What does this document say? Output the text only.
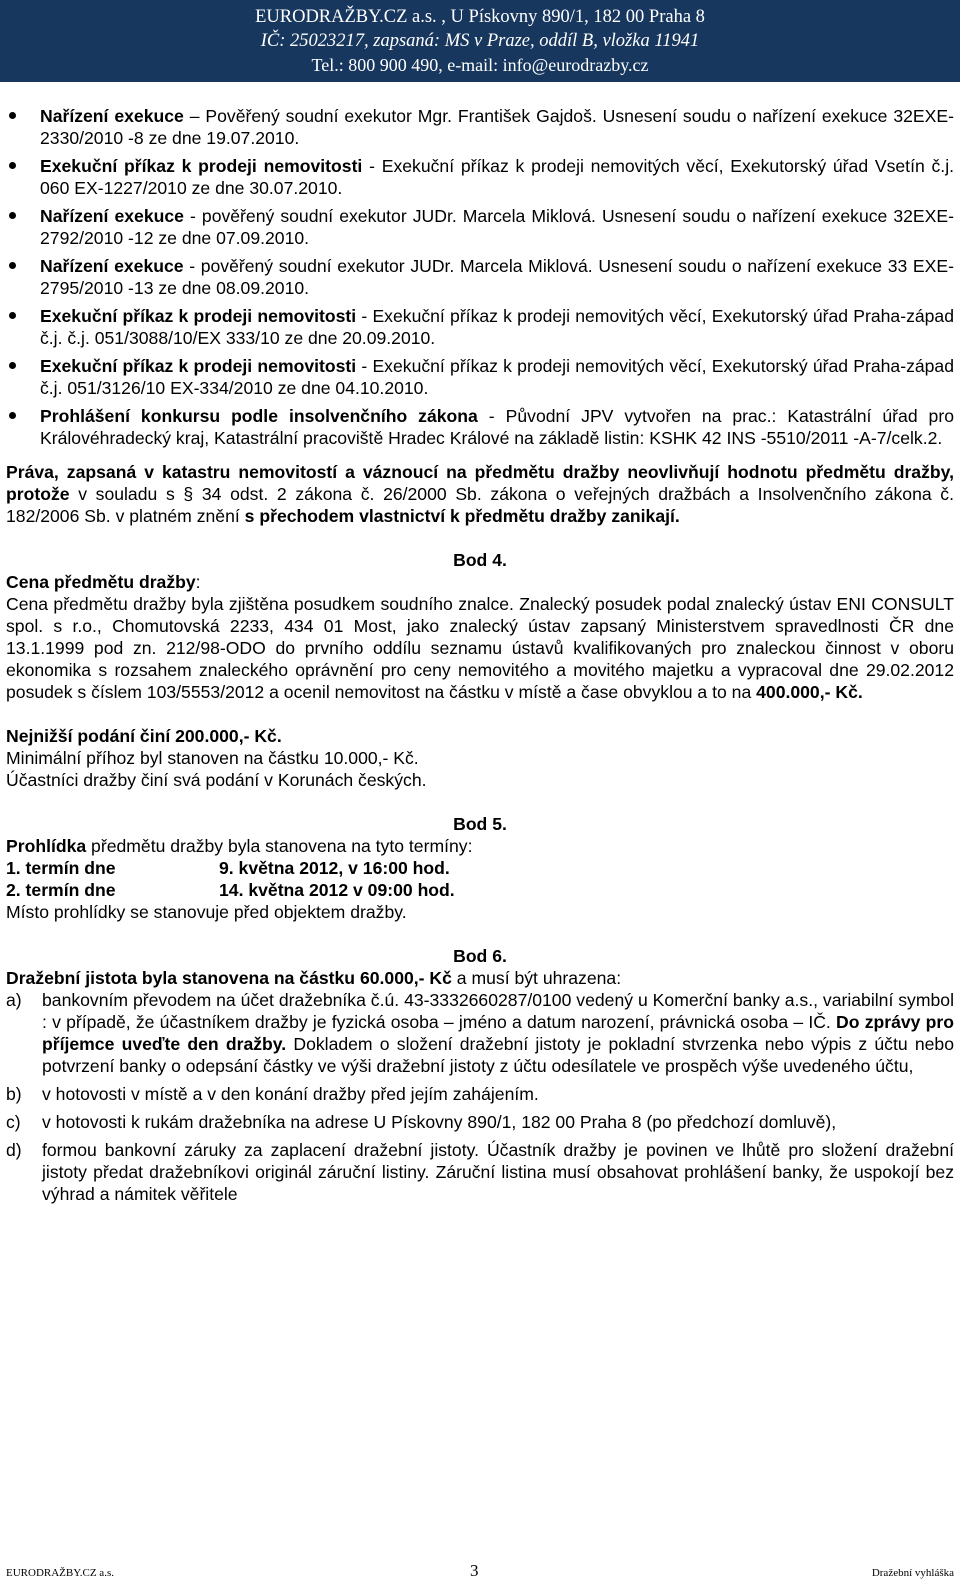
EURODRAŽBY.CZ a.s. , U Pískovny 890/1, 182 00 Praha 8
IČ: 25023217, zapsaná: MS v Praze, oddíl B, vložka 11941
Tel.: 800 900 490, e-mail: info@eurodrazby.cz
Nařízení exekuce – Pověřený soudní exekutor Mgr. František Gajdoš. Usnesení soudu o nařízení exekuce 32EXE-2330/2010 -8 ze dne 19.07.2010.
Exekuční příkaz k prodeji nemovitosti - Exekuční příkaz k prodeji nemovitých věcí, Exekutorský úřad Vsetín č.j. 060 EX-1227/2010 ze dne 30.07.2010.
Nařízení exekuce - pověřený soudní exekutor JUDr. Marcela Miklová. Usnesení soudu o nařízení exekuce 32EXE-2792/2010 -12 ze dne 07.09.2010.
Nařízení exekuce - pověřený soudní exekutor JUDr. Marcela Miklová. Usnesení soudu o nařízení exekuce 33 EXE-2795/2010 -13 ze dne 08.09.2010.
Exekuční příkaz k prodeji nemovitosti - Exekuční příkaz k prodeji nemovitých věcí, Exekutorský úřad Praha-západ č.j. č.j. 051/3088/10/EX 333/10 ze dne 20.09.2010.
Exekuční příkaz k prodeji nemovitosti - Exekuční příkaz k prodeji nemovitých věcí, Exekutorský úřad Praha-západ č.j. 051/3126/10 EX-334/2010 ze dne 04.10.2010.
Prohlášení konkursu podle insolvenčního zákona - Původní JPV vytvořen na prac.: Katastrální úřad pro Královéhradecký kraj, Katastrální pracoviště Hradec Králové na základě listin: KSHK 42 INS -5510/2011 -A-7/celk.2.
Práva, zapsaná v katastru nemovitostí a váznoucí na předmětu dražby neovlivňují hodnotu předmětu dražby, protože v souladu s § 34 odst. 2 zákona č. 26/2000 Sb. zákona o veřejných dražbách a Insolvenčního zákona č. 182/2006 Sb. v platném znění s přechodem vlastnictví k předmětu dražby zanikají.
Bod 4.
Cena předmětu dražby:
Cena předmětu dražby byla zjištěna posudkem soudního znalce. Znalecký posudek podal znalecký ústav ENI CONSULT spol. s r.o., Chomutovská 2233, 434 01 Most, jako znalecký ústav zapsaný Ministerstvem spravedlnosti ČR dne 13.1.1999 pod zn. 212/98-ODO do prvního oddílu seznamu ústavů kvalifikovaných pro znaleckou činnost v oboru ekonomika s rozsahem znaleckého oprávnění pro ceny nemovitého a movitého majetku a vypracoval dne 29.02.2012 posudek s číslem 103/5553/2012 a ocenil nemovitost na částku v místě a čase obvyklou a to na 400.000,- Kč.
Nejnižší podání činí 200.000,- Kč.
Minimální příhoz byl stanoven na částku 10.000,- Kč.
Účastníci dražby činí svá podání v Korunách českých.
Bod 5.
Prohlídka předmětu dražby byla stanovena na tyto termíny:
1. termín dne	9. května 2012, v 16:00 hod.
2. termín dne	14. května 2012 v 09:00 hod.
Místo prohlídky se stanovuje před objektem dražby.
Bod 6.
Dražební jistota byla stanovena na částku 60.000,- Kč a musí být uhrazena:
a) bankovním převodem na účet dražebníka č.ú. 43-3332660287/0100 vedený u Komerční banky a.s., variabilní symbol : v případě, že účastníkem dražby je fyzická osoba – jméno a datum narození, právnická osoba – IČ. Do zprávy pro příjemce uveďte den dražby. Dokladem o složení dražební jistoty je pokladní stvrzenka nebo výpis z účtu nebo potvrzení banky o odepsání částky ve výši dražební jistoty z účtu odesílatele ve prospěch výše uvedeného účtu,
b) v hotovosti v místě a v den konání dražby před jejím zahájením.
c) v hotovosti k rukám dražebníka na adrese U Pískovny 890/1, 182 00 Praha 8 (po předchozí domluvě),
d) formou bankovní záruky za zaplacení dražební jistoty. Účastník dražby je povinen ve lhůtě pro složení dražební jistoty předat dražebníkovi originál záruční listiny. Záruční listina musí obsahovat prohlášení banky, že uspokojí bez výhrad a námitek věřitele
EURODRAŽBY.CZ a.s.	3	Dražební vyhláška
